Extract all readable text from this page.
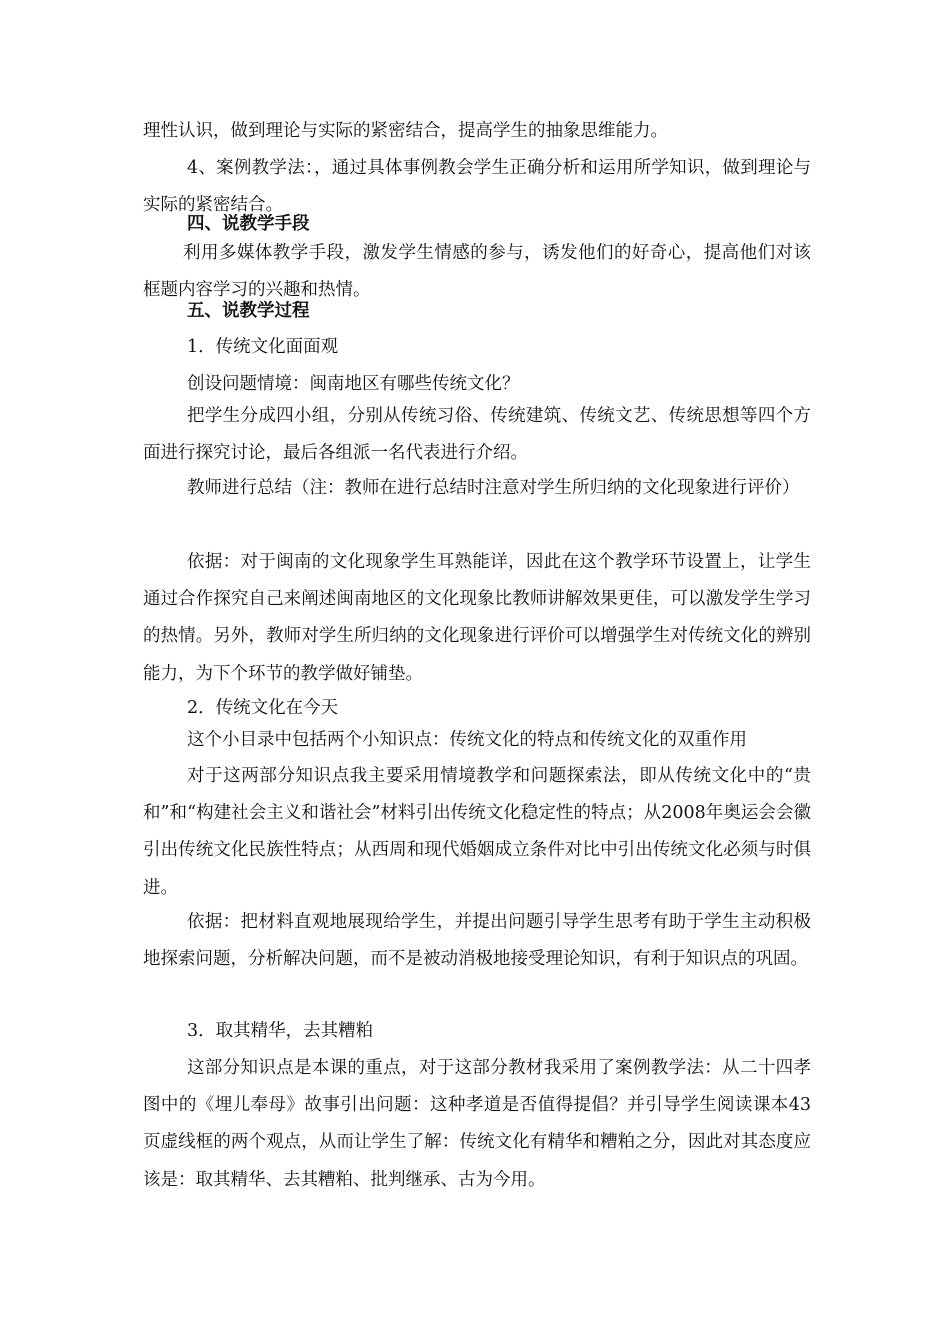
理性认识，做到理论与实际的紧密结合，提高学生的抽象思维能力。

4、案例教学法：，通过具体事例教会学生正确分析和运用所学知识，做到理论与实际的紧密结合。

四、说教学手段

利用多媒体教学手段，激发学生情感的参与，诱发他们的好奇心，提高他们对该框题内容学习的兴趣和热情。

五、说教学过程
1．传统文化面面观
创设问题情境：闽南地区有哪些传统文化？

把学生分成四小组，分别从传统习俗、传统建筑、传统文艺、传统思想等四个方面进行探究讨论，最后各组派一名代表进行介绍。

教师进行总结（注：教师在进行总结时注意对学生所归纳的文化现象进行评价）

依据：对于闽南的文化现象学生耳熟能详，因此在这个教学环节设置上，让学生通过合作探究自己来阐述闽南地区的文化现象比教师讲解效果更佳，可以激发学生学习的热情。另外，教师对学生所归纳的文化现象进行评价可以增强学生对传统文化的辨别能力，为下个环节的教学做好铺垫。

2．传统文化在今天
这个小目录中包括两个小知识点：传统文化的特点和传统文化的双重作用

对于这两部分知识点我主要采用情境教学和问题探索法，即从传统文化中的“贵和”和“构建社会主义和谐社会”材料引出传统文化稳定性的特点；从2008年奥运会会徽引出传统文化民族性特点；从西周和现代婚姻成立条件对比中引出传统文化必须与时俱进。

依据：把材料直观地展现给学生，并提出问题引导学生思考有助于学生主动积极地探索问题，分析解决问题，而不是被动消极地接受理论知识，有利于知识点的巩固。

3．取其精华，去其糟粕

这部分知识点是本课的重点，对于这部分教材我采用了案例教学法：从二十四孝图中的《埋儿奉母》故事引出问题：这种孝道是否值得提倡？并引导学生阅读课本43页虚线框的两个观点，从而让学生了解：传统文化有精华和糟粕之分，因此对其态度应该是：取其精华、去其糟粕、批判继承、古为今用。
